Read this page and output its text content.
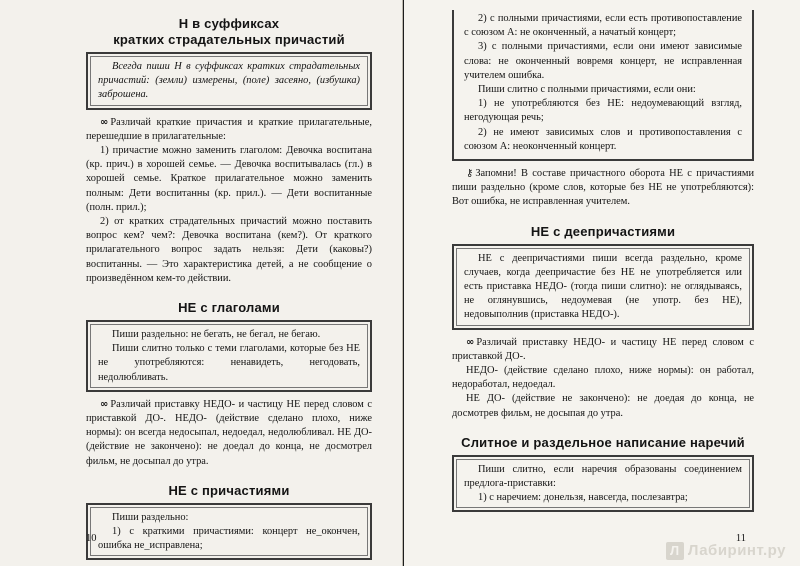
Н в суффиксах
кратких страдательных причастий
Всегда пиши Н в суффиксах кратких страдательных причастий: (земли) измерены, (поле) засеяно, (избушка) заброшена.
∞ Различай краткие причастия и краткие прилагательные, перешедшие в прилагательные:
1) причастие можно заменить глаголом: Девочка воспитана (кр. прич.) в хорошей семье. — Девочка воспитывалась (гл.) в хорошей семье. Краткое прилагательное можно заменить полным: Дети воспитанны (кр. прил.). — Дети воспитанные (полн. прил.);
2) от кратких страдательных причастий можно поставить вопрос кем? чем?: Девочка воспитана (кем?). От краткого прилагательного вопрос задать нельзя: Дети (каковы?) воспитанны. — Это характеристика детей, а не сообщение о произведённом кем-то действии.
НЕ с глаголами
Пиши раздельно: не бегать, не бегал, не бегаю.
Пиши слитно только с теми глаголами, которые без НЕ не употребляются: ненавидеть, негодовать, недолюбливать.
∞ Различай приставку НЕДО- и частицу НЕ перед словом с приставкой ДО-. НЕДО- (действие сделано плохо, ниже нормы): он всегда недосыпал, недоедал, недолюбливал. НЕ ДО- (действие не закончено): не доедал до конца, не досмотрел фильм, не досыпал до утра.
НЕ с причастиями
Пиши раздельно:
1) с краткими причастиями: концерт не_окончен, ошибка не_исправлена;
10
2) с полными причастиями, если есть противопоставление с союзом А: не оконченный, а начатый концерт;
3) с полными причастиями, если они имеют зависимые слова: не оконченный вовремя концерт, не исправленная учителем ошибка.
Пиши слитно с полными причастиями, если они:
1) не употребляются без НЕ: недоумевающий взгляд, негодующая речь;
2) не имеют зависимых слов и противопоставления с союзом А: неоконченный концерт.
⚷ Запомни! В составе причастного оборота НЕ с причастиями пиши раздельно (кроме слов, которые без НЕ не употребляются): Вот ошибка, не исправленная учителем.
НЕ с деепричастиями
НЕ с деепричастиями пиши всегда раздельно, кроме случаев, когда деепричастие без НЕ не употребляется или есть приставка НЕДО- (тогда пиши слитно): не оглядываясь, не оглянувшись, недоумевая (не употр. без НЕ), недовыполнив (приставка НЕДО-).
∞ Различай приставку НЕДО- и частицу НЕ перед словом с приставкой ДО-.
НЕДО- (действие сделано плохо, ниже нормы): он работал, недоработал, недоедал.
НЕ ДО- (действие не закончено): не доедая до конца, не досмотрев фильм, не досыпая до утра.
Слитное и раздельное написание наречий
Пиши слитно, если наречия образованы соединением предлога-приставки:
1) с наречием: донельзя, навсегда, послезавтра;
11
Л Лабиринт.ру
